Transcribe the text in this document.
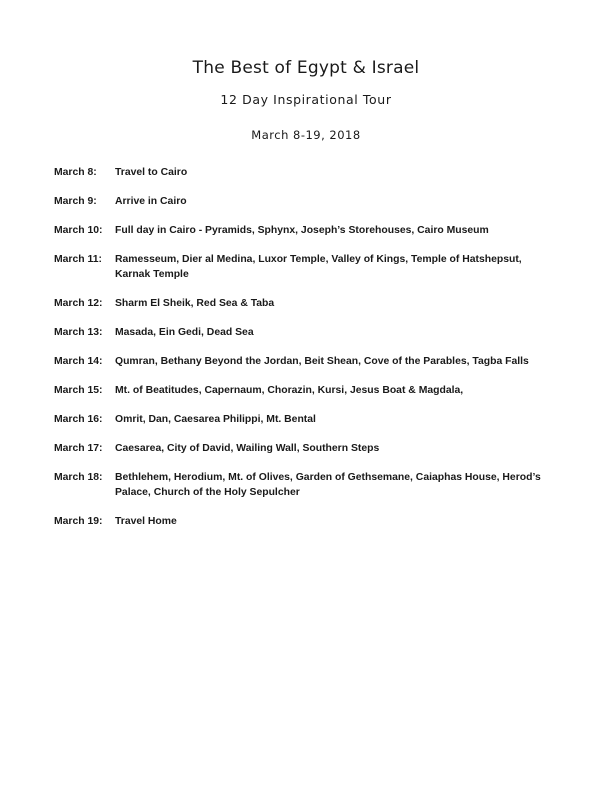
The Best of Egypt & Israel
12 Day Inspirational Tour
March 8-19, 2018
March 8:	Travel to Cairo
March 9:	Arrive in Cairo
March 10:	Full day in Cairo - Pyramids, Sphynx, Joseph’s Storehouses, Cairo Museum
March 11:	Ramesseum, Dier al Medina, Luxor Temple, Valley of Kings, Temple of Hatshepsut, Karnak Temple
March 12:	Sharm El Sheik, Red Sea & Taba
March 13:	Masada, Ein Gedi, Dead Sea
March 14:	Qumran, Bethany Beyond the Jordan, Beit Shean, Cove of the Parables, Tagba Falls
March 15:	Mt. of Beatitudes, Capernaum, Chorazin, Kursi, Jesus Boat & Magdala,
March 16:	Omrit, Dan, Caesarea Philippi, Mt. Bental
March 17:	Caesarea, City of David, Wailing Wall, Southern Steps
March 18:	Bethlehem, Herodium, Mt. of Olives, Garden of Gethsemane, Caiaphas House, Herod’s Palace, Church of the Holy Sepulcher
March 19:	Travel Home
